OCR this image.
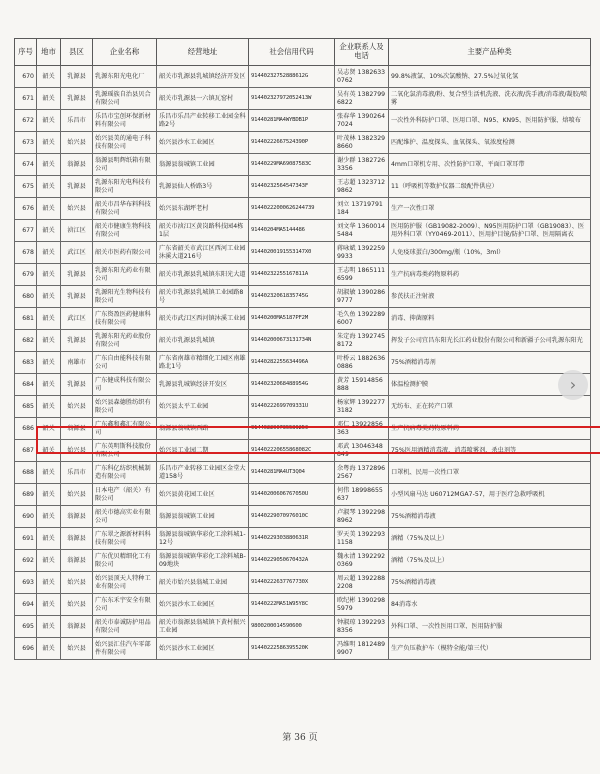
序号	地市	县区	企业名称	经营地址	社会信用代码	企业联系人及电话	主要产品种类
670	韶关	乳源县	乳源东阳光电化厂	韶关市乳源县乳城镇经济开发区	91440232752888612G	吴志贤 13826330762	99.8%液氯、10%次氯酸钠、27.5%过氧化氢
671	韶关	乳源县	乳源瑶族自治县贝合有限公司	韶关市乳源县一六镇瓦窑村	914402327972052413W	吴有英 13827996822	二氧化氯消毒液/粉、复合型生活机洗液、洗衣液/洗手液/消毒液/凝胶/喷雾
672	韶关	乐昌市	乐昌市宝创环保新材料有限公司	乐昌市乐昌产业转移工业园金科路2号	91440281MA4WYBDB1P	张春华 13902647024	一次性外科防护口罩、医用口罩、N95、KN95、医用防护服、熔喷布
673	韶关	始兴县	始兴县美的通电子科技有限公司	始兴县沙水工业园区	91440222667524390P	叶茂林 13823298660	匹配维护、温度探头、血氧探头、氧浓度检测
674	韶关	翁源县	翁源县明辉纸箱有限公司	翁源县翁城镇工业园	91440229MA69087583C	谢少群 13827263356	4mm口罩机专用、次性防护口罩、平面口罩耳带
675	韶关	乳源县	乳源东阳光电科技有限公司	乳源县仙人桥路3号	91440232564547343F	王志超 13237129862	11（呼吸机等数护仪器二级配件供应）
676	韶关	始兴县	韶关市昌华布料科技有限公司	始兴县东湖坪老村	91440222000626244739	刘立 13719791184	生产一次性口罩
677	韶关	浈江区	韶关市健康生物科技有限公司	韶关市浈江区黄岗路科技园4栋1层	91440204MA5144486	刘文华 13600145484	医用防护服（GB19082-2009）、N95医用防护口罩（GB19083）、医用外科口罩（YY0469-2011）、医用护目镜/防护口罩、医用隔离衣
678	韶关	武江区	韶关市医药有限公司	广东省韶关市武江区西河工业园沐溪大道216号	91440200191553147X0	蒋咏斌 13922599933	人免疫球蛋白/300mg/瓶（10%，3ml）
679	韶关	乳源县	乳源东阳光药业有限公司	韶关市乳源县乳城镇东阳光大道	91440232255167811A	王志明 18651116599	生产抗病毒类药物原料药
680	韶关	乳源县	乳源阳光生物科技有限公司	韶关市乳源县乳城镇工业园路8号	91440232061835745G	胡淑敏 13902869777	参芪扶正注射液
681	韶关	武江区	广东资盈医药健康科技有限公司	韶关市武江区西河镇沐溪工业园	91440200MA5187PF2M	毛久鱼 13922896007	消毒、抑菌原料
682	韶关	乳源县	乳源东阳光药业股份有限公司	韶关市乳源县乳城镇	914402000673131734N	朱定海 13927458172	挥发子公司宜昌东阳光长江药业股份有限公司和新疆子公司乳源东阳光
683	韶关	南雄市	广东自由能科技有限公司	广东省南雄市精细化工园区南雄路北1号	91440282255634496A	叶桥云 18826360886	75%酒精消毒剂
684	韶关	乳源县	广东健成科技有限公司	乳源县乳城镇经济开发区	91440232068488954G	黄芳 15914856888	体温检测护膜
685	韶关	始兴县	始兴县森德胜纺织有限公司	始兴县太平工业园	91440222699709331U	杨家辉 13922773182	无纺布、正在转产口罩
686	韶关	翁源县	广东鑫和鑫汇有限公司	翁源县翁城镇西路	91440229073553925C	邓仁 13922856363	生产抗病毒类药物原料药
687	韶关	始兴县	广东英明斯科技股份有限公司	始兴县工业园二期	914402220655868082C	邓武 13046348849	75%医用酒精消毒液、消毒喷雾剂、杀虫剂等
688	韶关	乐昌市	广东科亿纺织机械制造有限公司	乐昌市产业转移工业园区金堂大道158号	91440281MA4UT3Q04	余粤海 13728962567	口罩机、民用一次性口罩
689	韶关	始兴县	日本电产（韶关）有限公司	始兴县黄花园工业区	91440200606767050U	何伟 18998655637	小型风扇马达 U60712MGA7-57，用于医疗急救呼吸机
690	韶关	翁源县	韶关市德高实业有限公司	翁源县翁城镇工业园	91440229070976010C	卢淑琴 13922988962	75%酒精消毒液
691	韶关	翁源县	广东翠之源新材料科技有限公司	翁源县翁城镇华彩化工涂料城1-12号	91440229303880631R	罗天美 13922931158	酒精（75%及以上）
692	韶关	翁源县	广东优贝精细化工有限公司	翁源县翁城镇华彩化工涂料城B-09地块	91440229050670432A	魏永清 13922920369	酒精（75%及以上）
693	韶关	始兴县	始兴县顶天人特种工业有限公司	韶关市始兴县翁城工业园	91440222637767730X	周云超 13922882208	75%酒精消毒液
694	韶关	始兴县	广东东禾宇安全有限公司	始兴县沙水工业园区	91440222MA51W95Y8C	欧纪彬 13902985979	84消毒水
695	韶关	翁源县	韶关市泰诚防护用品有限公司	韶关市翁源县翁城镇下黄村振兴工业园	9800200014590600	钟淑琼 13922938356	外科口罩、一次性医用口罩、医用防护服
696	韶关	始兴县	始兴县汇佳汽车零部件有限公司	始兴县沙水工业园区	91440222586395520K	冯维明 18124899907	生产负压救护车（模特全能/第三代）
›
第 36 页
